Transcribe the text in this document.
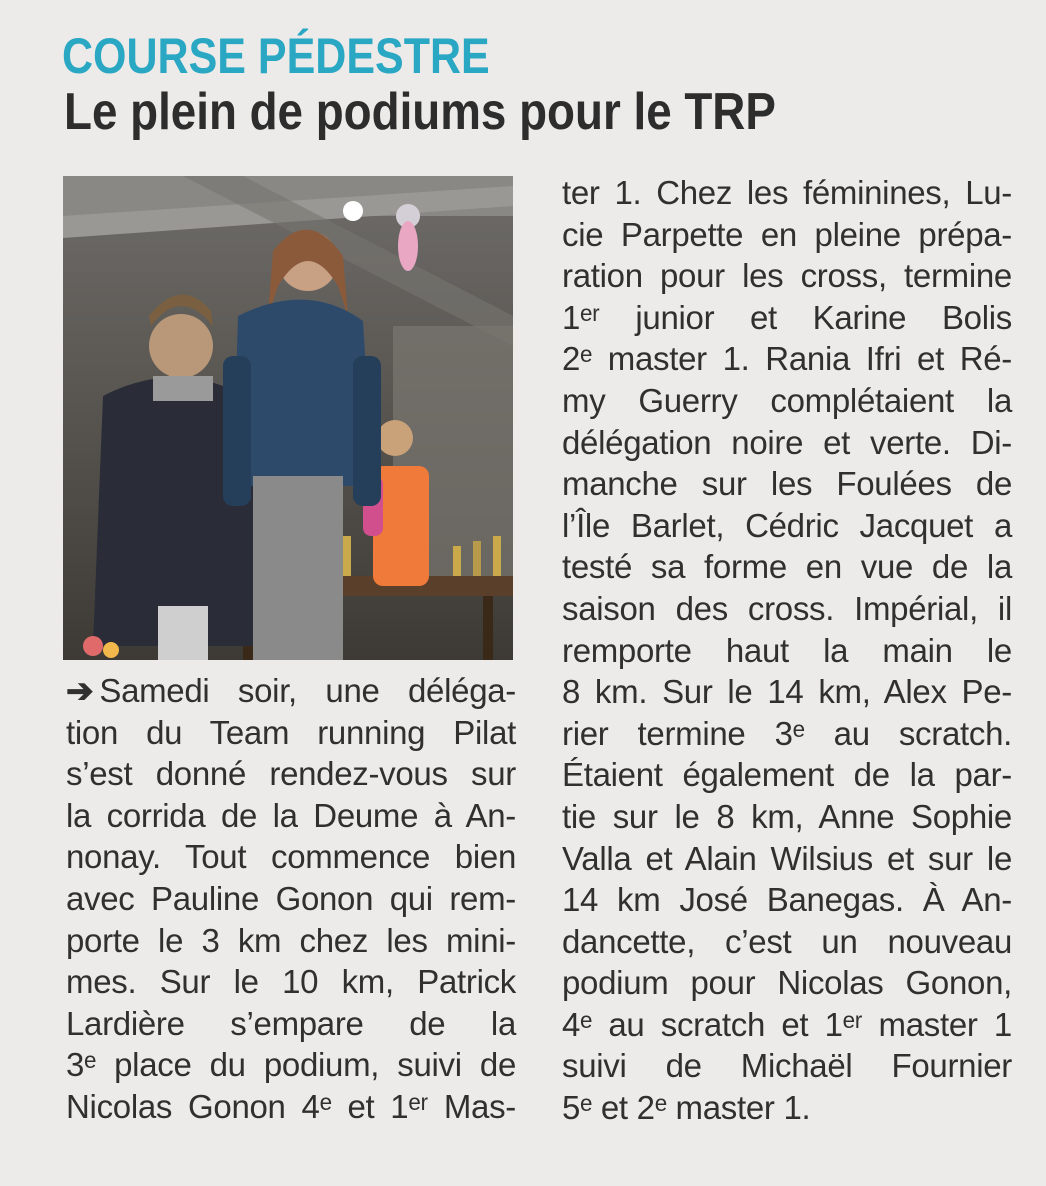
COURSE PÉDESTRE
Le plein de podiums pour le TRP
➔ Samedi soir, une déléga-
tion du Team running Pilat
s’est donné rendez-vous sur
la corrida de la Deume à An-
nonay. Tout commence bien
avec Pauline Gonon qui rem-
porte le 3 km chez les mini-
mes. Sur le 10 km, Patrick
Lardière s’empare de la
3ᵉ place du podium, suivi de
Nicolas Gonon 4ᵉ et 1ᵉʳ Mas-
ter 1. Chez les féminines, Lu-
cie Parpette en pleine prépa-
ration pour les cross, termine
1ᵉʳ junior et Karine Bolis
2ᵉ master 1. Rania Ifri et Ré-
my Guerry complétaient la
délégation noire et verte. Di-
manche sur les Foulées de
l’Île Barlet, Cédric Jacquet a
testé sa forme en vue de la
saison des cross. Impérial, il
remporte haut la main le
8 km. Sur le 14 km, Alex Pe-
rier termine 3ᵉ au scratch.
Étaient également de la par-
tie sur le 8 km, Anne Sophie
Valla et Alain Wilsius et sur le
14 km José Banegas. À An-
dancette, c’est un nouveau
podium pour Nicolas Gonon,
4ᵉ au scratch et 1ᵉʳ master 1
suivi de Michaël Fournier
5ᵉ et 2ᵉ master 1.
